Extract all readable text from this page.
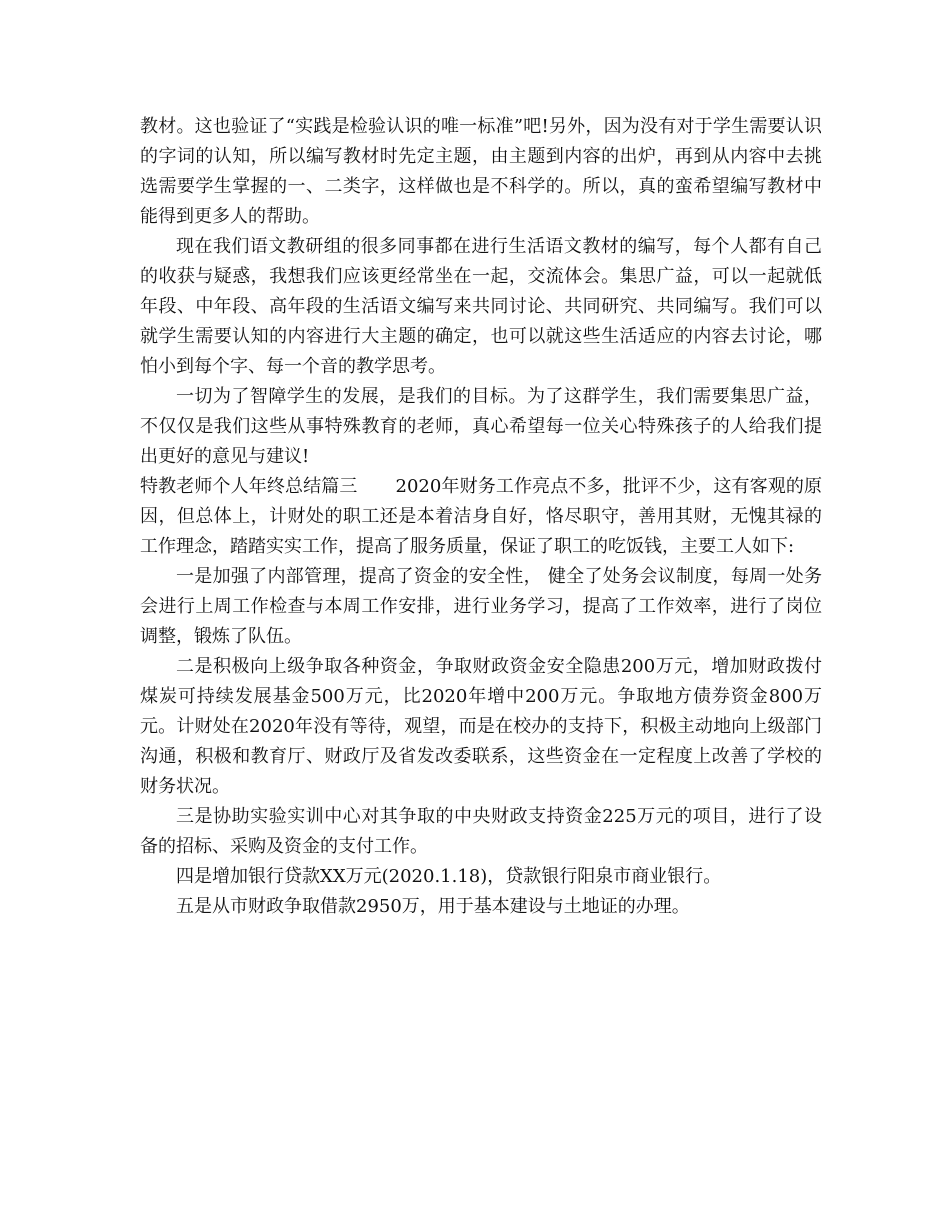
教材。这也验证了“实践是检验认识的唯一标准”吧!另外，因为没有对于学生需要认识的字词的认知，所以编写教材时先定主题，由主题到内容的出炉，再到从内容中去挑选需要学生掌握的一、二类字，这样做也是不科学的。所以，真的蛮希望编写教材中能得到更多人的帮助。

现在我们语文教研组的很多同事都在进行生活语文教材的编写，每个人都有自己的收获与疑惑，我想我们应该更经常坐在一起，交流体会。集思广益，可以一起就低年段、中年段、高年段的生活语文编写来共同讨论、共同研究、共同编写。我们可以就学生需要认知的内容进行大主题的确定，也可以就这些生活适应的内容去讨论，哪怕小到每个字、每一个音的教学思考。

一切为了智障学生的发展，是我们的目标。为了这群学生，我们需要集思广益，不仅仅是我们这些从事特殊教育的老师，真心希望每一位关心特殊孩子的人给我们提出更好的意见与建议!

特教老师个人年终总结篇三 2020年财务工作亮点不多，批评不少，这有客观的原因，但总体上，计财处的职工还是本着洁身自好，恪尽职守，善用其财，无愧其禄的工作理念，踏踏实实工作，提高了服务质量，保证了职工的吃饭钱，主要工人如下:

一是加强了内部管理，提高了资金的安全性， 健全了处务会议制度，每周一处务会进行上周工作检查与本周工作安排，进行业务学习，提高了工作效率，进行了岗位调整，锻炼了队伍。

二是积极向上级争取各种资金，争取财政资金安全隐患200万元，增加财政拨付煤炭可持续发展基金500万元，比2020年增中200万元。争取地方债券资金800万元。计财处在2020年没有等待，观望，而是在校办的支持下，积极主动地向上级部门沟通，积极和教育厅、财政厅及省发改委联系，这些资金在一定程度上改善了学校的财务状况。

三是协助实验实训中心对其争取的中央财政支持资金225万元的项目，进行了设备的招标、采购及资金的支付工作。

四是增加银行贷款XX万元(2020.1.18)，贷款银行阳泉市商业银行。

五是从市财政争取借款2950万，用于基本建设与土地证的办理。
